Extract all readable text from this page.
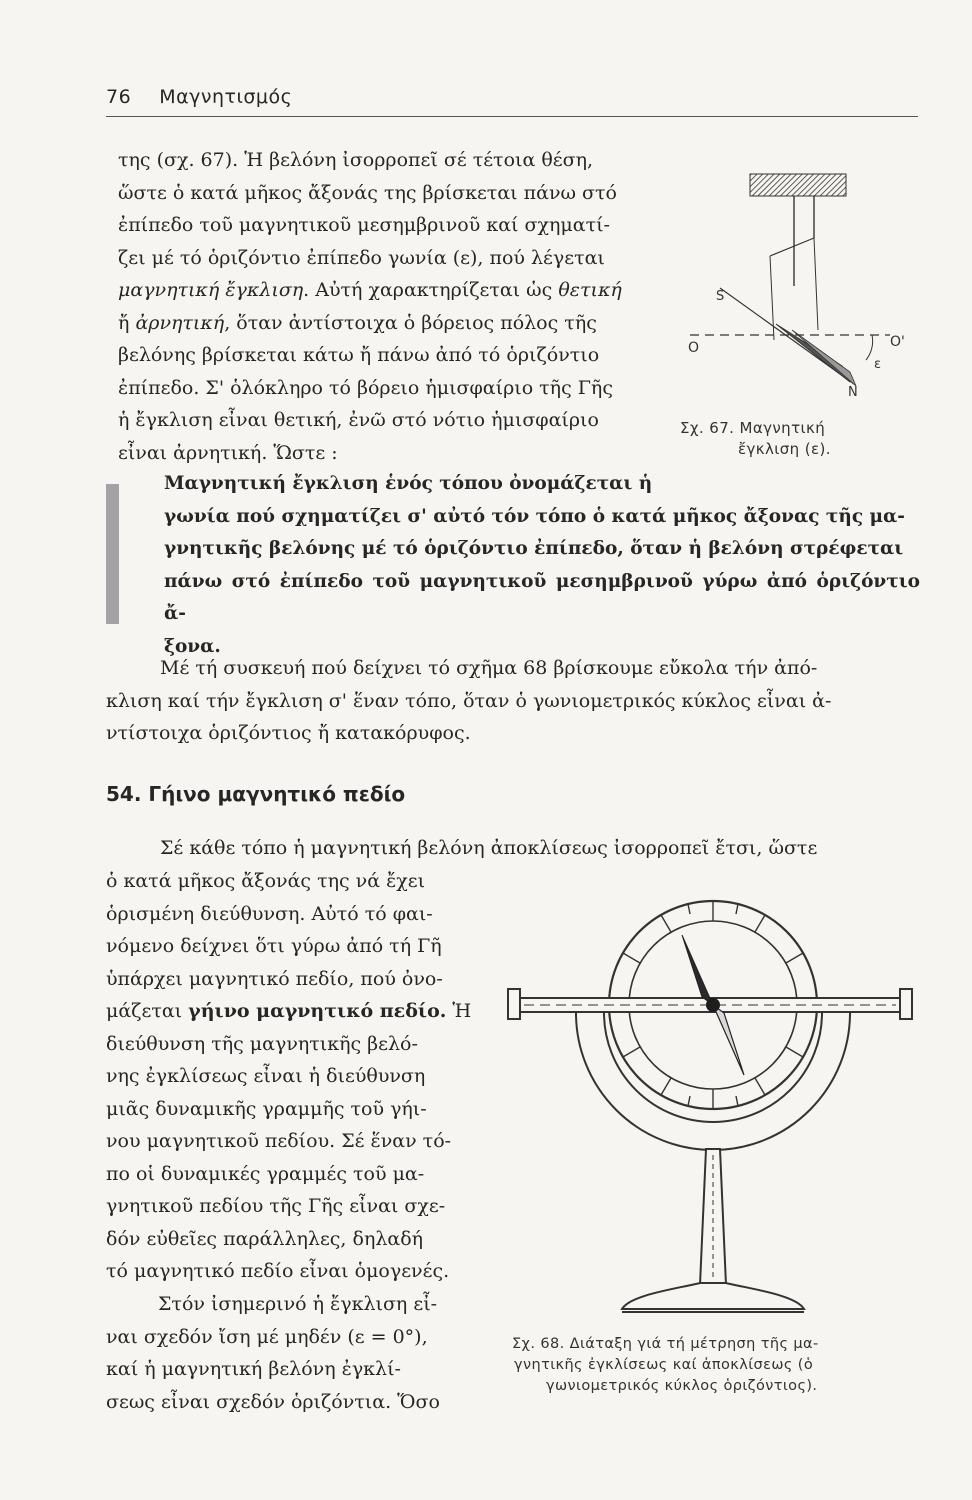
76 Μαγνητισμός
της (σχ. 67). Ἡ βελόνη ἰσορροπεῖ σέ τέτοια θέση,
ὥστε ὁ κατά μῆκος ἄξονάς της βρίσκεται πάνω στό
ἐπίπεδο τοῦ μαγνητικοῦ μεσημβρινοῦ καί σχηματί-
ζει μέ τό ὁριζόντιο ἐπίπεδο γωνία (ε), πού λέγεται
μαγνητική ἔγκλιση. Αὐτή χαρακτηρίζεται ὡς θετική
ἤ ἀρνητική, ὅταν ἀντίστοιχα ὁ βόρειος πόλος τῆς
βελόνης βρίσκεται κάτω ἤ πάνω ἀπό τό ὁριζόντιο
ἐπίπεδο. Σ' ὁλόκληρο τό βόρειο ἡμισφαίριο τῆς Γῆς
ἡ ἔγκλιση εἶναι θετική, ἐνῶ στό νότιο ἡμισφαίριο
εἶναι ἀρνητική. Ὥστε :
S
O	O'
ε
N
Σχ. 67. Μαγνητική
ἔγκλιση (ε).
Μαγνητική ἔγκλιση ἑνός τόπου ὀνομάζεται ἡ
γωνία πού σχηματίζει σ' αὐτό τόν τόπο ὁ κατά μῆκος ἄξονας τῆς μα-
γνητικῆς βελόνης μέ τό ὁριζόντιο ἐπίπεδο, ὅταν ἡ βελόνη στρέφεται
πάνω στό ἐπίπεδο τοῦ μαγνητικοῦ μεσημβρινοῦ γύρω ἀπό ὁριζόντιο ἄ-
ξονα.
Μέ τή συσκευή πού δείχνει τό σχῆμα 68 βρίσκουμε εὔκολα τήν ἀπό-
κλιση καί τήν ἔγκλιση σ' ἕναν τόπο, ὅταν ὁ γωνιομετρικός κύκλος εἶναι ἀ-
ντίστοιχα ὁριζόντιος ἤ κατακόρυφος.
54. Γήινο μαγνητικό πεδίο
Σέ κάθε τόπο ἡ μαγνητική βελόνη ἀποκλίσεως ἰσορροπεῖ ἔτσι, ὥστε
ὁ κατά μῆκος ἄξονάς της νά ἔχει
ὁρισμένη διεύθυνση. Αὐτό τό φαι-
νόμενο δείχνει ὅτι γύρω ἀπό τή Γῆ
ὑπάρχει μαγνητικό πεδίο, πού ὀνο-
μάζεται γήινο μαγνητικό πεδίο. Ἡ
διεύθυνση τῆς μαγνητικῆς βελό-
νης ἐγκλίσεως εἶναι ἡ διεύθυνση
μιᾶς δυναμικῆς γραμμῆς τοῦ γήι-
νου μαγνητικοῦ πεδίου. Σέ ἕναν τό-
πο οἱ δυναμικές γραμμές τοῦ μα-
γνητικοῦ πεδίου τῆς Γῆς εἶναι σχε-
δόν εὐθεῖες παράλληλες, δηλαδή
τό μαγνητικό πεδίο εἶναι ὁμογενές.
Στόν ἰσημερινό ἡ ἔγκλιση εἶ-
ναι σχεδόν ἴση μέ μηδέν (ε = 0°),
καί ἡ μαγνητική βελόνη ἐγκλί-
σεως εἶναι σχεδόν ὁριζόντια. Ὅσο
Σχ. 68. Διάταξη γιά τή μέτρηση τῆς μα-
γνητικῆς ἐγκλίσεως καί ἀποκλίσεως (ὁ
γωνιομετρικός κύκλος ὁριζόντιος).
